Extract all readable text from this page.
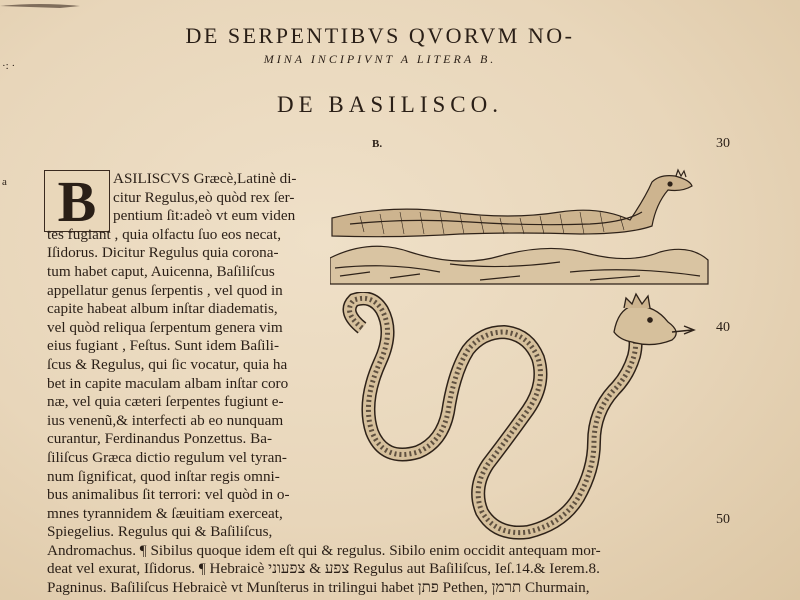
DE SERPENTIBVS QVORVM NO-
MINA INCIPIVNT A LITERA B.
DE BASILISCO.
B.
·: ·
a
30
40
50
B	ASILISCVS Græcè,Latinè di-
citur Regulus,eò quòd rex ſer-
pentium ſit:adeò vt eum viden
tes fugiant , quia olfactu ſuo eos necat,
Iſidorus. Dicitur Regulus quia corona-
tum habet caput, Auicenna, Baſiliſcus
appellatur genus ſerpentis , vel quod in
capite habeat album inſtar diadematis,
vel quòd reliqua ſerpentum genera vim
eius fugiant , Feſtus. Sunt idem Baſili-
ſcus & Regulus, qui ſic vocatur, quia ha
bet in capite maculam albam inſtar coro
næ, vel quia cæteri ſerpentes fugiunt e-
ius venenũ,& interfecti ab eo nunquam
curantur, Ferdinandus Ponzettus. Ba-
ſiliſcus Græca dictio regulum vel tyran-
num ſignificat, quod inſtar regis omni-
bus animalibus ſit terrori: vel quòd in o-
mnes tyrannidem & ſæuitiam exerceat,
Spiegelius. Regulus qui & Baſiliſcus,
Andromachus. ¶ Sibilus quoque idem eſt qui & regulus. Sibilo enim occidit antequam mor-
deat vel exurat, Iſidorus. ¶ Hebraicè צפע & צפעוני Regulus aut Baſiliſcus, Ieſ.14.& Ierem.8.
Pagninus. Baſiliſcus Hebraicè vt Munſterus in trilingui habet פתן Pethen, תרמן Churmain,
